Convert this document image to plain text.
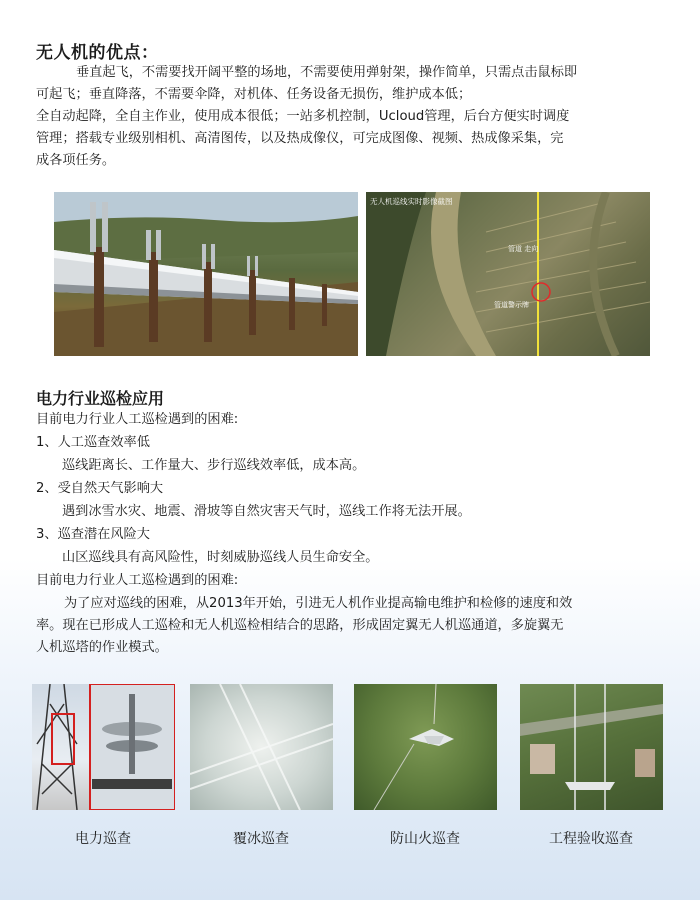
无人机的优点：
垂直起飞，不需要找开阔平整的场地，不需要使用弹射架，操作简单，只需点击鼠标即
可起飞；垂直降落，不需要伞降，对机体、任务设备无损伤，维护成本低；
全自动起降，全自主作业，使用成本很低；一站多机控制，Ucloud管理，后台方便实时调度
管理；搭载专业级别相机、高清图传，以及热成像仪，可完成图像、视频、热成像采集，完
成各项任务。
无人机巡线实时影像截图
管道 走向
管道警示牌
电力行业巡检应用
目前电力行业人工巡检遇到的困难:
1、人工巡查效率低
巡线距离长、工作量大、步行巡线效率低，成本高。
2、受自然天气影响大
遇到冰雪水灾、地震、滑坡等自然灾害天气时，巡线工作将无法开展。
3、巡查潜在风险大
山区巡线具有高风险性，时刻威胁巡线人员生命安全。
目前电力行业人工巡检遇到的困难:
为了应对巡线的困难，从2013年开始，引进无人机作业提高输电维护和检修的速度和效
率。现在已形成人工巡检和无人机巡检相结合的思路，形成固定翼无人机巡通道，多旋翼无
人机巡塔的作业模式。
电力巡查	覆冰巡查	防山火巡查	工程验收巡查
